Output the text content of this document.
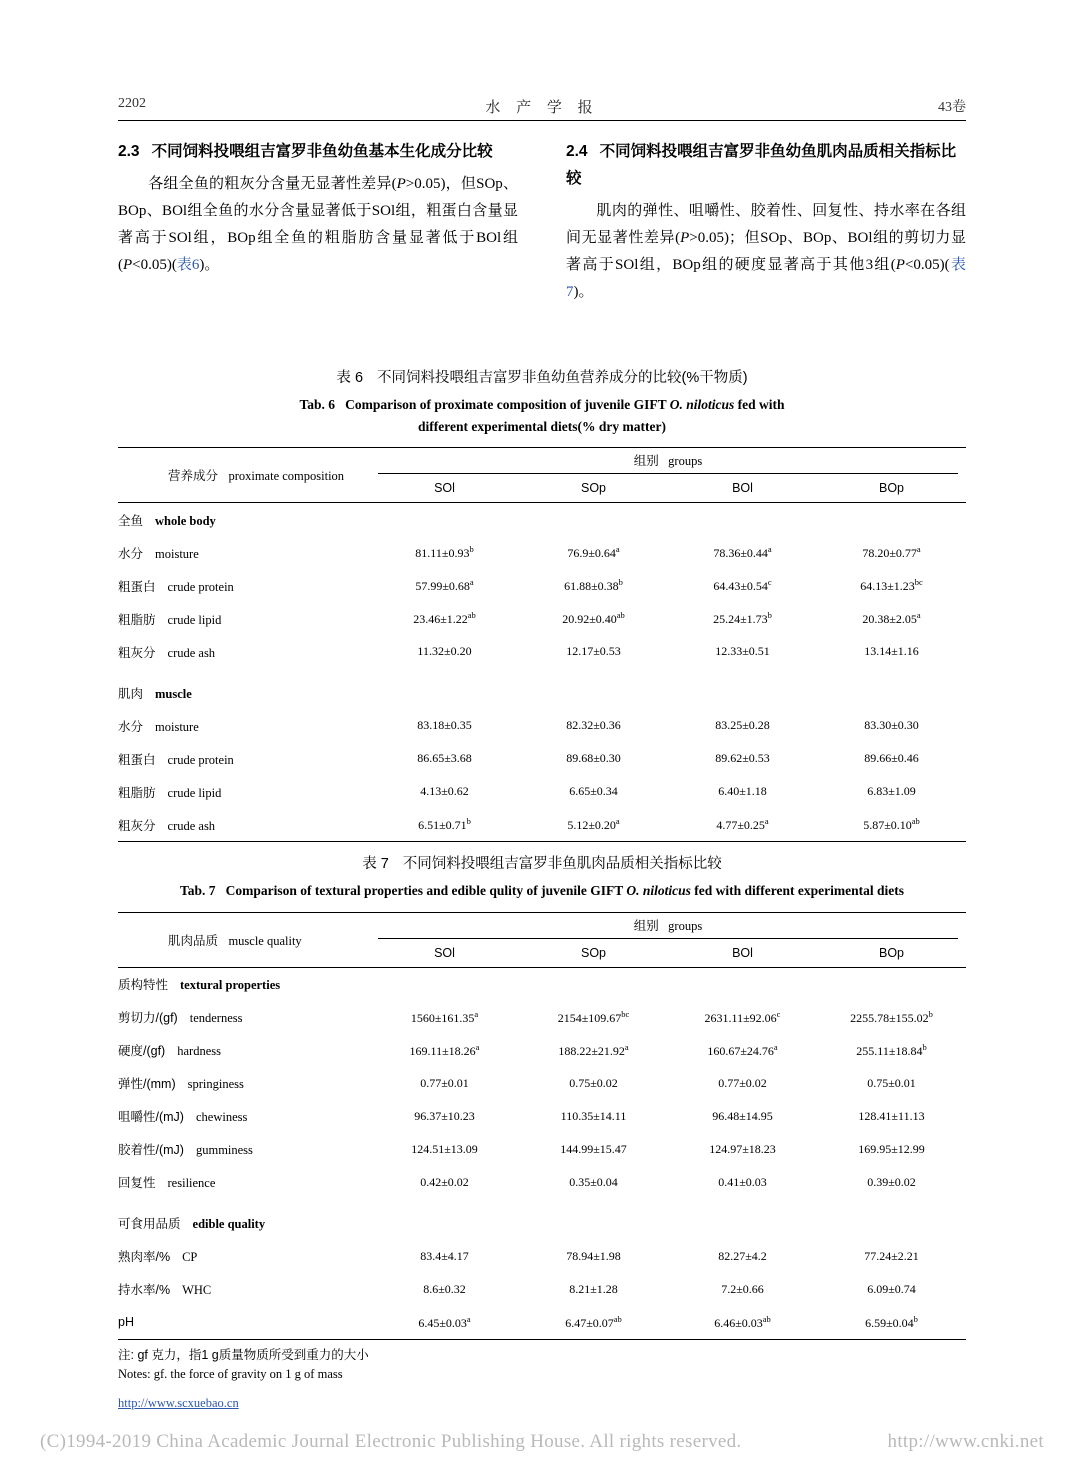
2202	水 产 学 报	43卷
2.3 不同饲料投喂组吉富罗非鱼幼鱼基本生化成分比较
各组全鱼的粗灰分含量无显著性差异(P>0.05)，但SOp、BOp、BOl组全鱼的水分含量显著低于SOl组，粗蛋白含量显著高于SOl组，BOp组全鱼的粗脂肪含量显著低于BOl组 (P<0.05)(表6)。
2.4 不同饲料投喂组吉富罗非鱼幼鱼肌肉品质相关指标比较
肌肉的弹性、咀嚼性、胶着性、回复性、持水率在各组间无显著性差异(P>0.05)；但SOp、BOp、BOl组的剪切力显著高于SOl组，BOp组的硬度显著高于其他3组(P<0.05)(表7)。
表 6 不同饲料投喂组吉富罗非鱼幼鱼营养成分的比较(%干物质)
Tab. 6 Comparison of proximate composition of juvenile GIFT O. niloticus fed with
different experimental diets(% dry matter)
营养成分 proximate composition	组别 groups			

	SOl	SOp	BOl	BOp
全鱼 whole body				
水分 moisture	81.11±0.93$^b$	76.9±0.64$^a$	78.36±0.44$^a$	78.20±0.77$^a$
粗蛋白 crude protein	57.99±0.68$^a$	61.88±0.38$^b$	64.43±0.54$^c$	64.13±1.23$^{bc}$
粗脂肪 crude lipid	23.46±1.22$^{ab}$	20.92±0.40$^{ab}$	25.24±1.73$^b$	20.38±2.05$^a$
粗灰分 crude ash	11.32±0.20	12.17±0.53	12.33±0.51	13.14±1.16
肌肉 muscle				
水分 moisture	83.18±0.35	82.32±0.36	83.25±0.28	83.30±0.30
粗蛋白 crude protein	86.65±3.68	89.68±0.30	89.62±0.53	89.66±0.46
粗脂肪 crude lipid	4.13±0.62	6.65±0.34	6.40±1.18	6.83±1.09
粗灰分 crude ash	6.51±0.71$^b$	5.12±0.20$^a$	4.77±0.25$^a$	5.87±0.10$^{ab}$
表 7 不同饲料投喂组吉富罗非鱼肌肉品质相关指标比较
Tab. 7 Comparison of textural properties and edible qulity of juvenile GIFT O. niloticus fed with different experimental diets
肌肉品质 muscle quality	组别 groups			

	SOl	SOp	BOl	BOp
质构特性 textural properties				
剪切力/(gf) tenderness	1560±161.35$^a$	2154±109.67$^{bc}$	2631.11±92.06$^c$	2255.78±155.02$^b$
硬度/(gf) hardness	169.11±18.26$^a$	188.22±21.92$^a$	160.67±24.76$^a$	255.11±18.84$^b$
弹性/(mm) springiness	0.77±0.01	0.75±0.02	0.77±0.02	0.75±0.01
咀嚼性/(mJ) chewiness	96.37±10.23	110.35±14.11	96.48±14.95	128.41±11.13
胶着性/(mJ) gumminess	124.51±13.09	144.99±15.47	124.97±18.23	169.95±12.99
回复性 resilience	0.42±0.02	0.35±0.04	0.41±0.03	0.39±0.02
可食用品质 edible quality				
熟肉率/% CP	83.4±4.17	78.94±1.98	82.27±4.2	77.24±2.21
持水率/% WHC	8.6±0.32	8.21±1.28	7.2±0.66	6.09±0.74
pH	6.45±0.03$^a$	6.47±0.07$^{ab}$	6.46±0.03$^{ab}$	6.59±0.04$^b$
注: gf 克力，指1 g质量物质所受到重力的大小
Notes: gf. the force of gravity on 1 g of mass
http://www.scxuebao.cn
(C)1994-2019 China Academic Journal Electronic Publishing House. All rights reserved.	http://www.cnki.net
